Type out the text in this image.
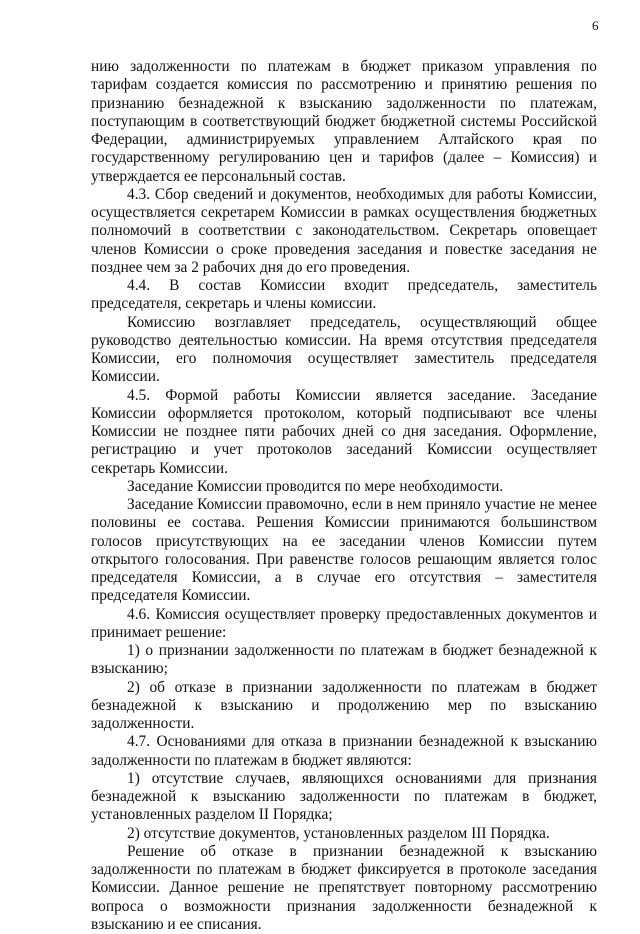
6

нию задолженности по платежам в бюджет приказом управления по тарифам создается комиссия по рассмотрению и принятию решения по признанию безнадежной к взысканию задолженности по платежам, поступающим в соответствующий бюджет бюджетной системы Российской Федерации, администрируемых управлением Алтайского края по государственному регулированию цен и тарифов (далее – Комиссия) и утверждается ее персональный состав.

4.3. Сбор сведений и документов, необходимых для работы Комиссии, осуществляется секретарем Комиссии в рамках осуществления бюджетных полномочий в соответствии с законодательством. Секретарь оповещает членов Комиссии о сроке проведения заседания и повестке заседания не позднее чем за 2 рабочих дня до его проведения.

4.4. В состав Комиссии входит председатель, заместитель председателя, секретарь и члены комиссии.

Комиссию возглавляет председатель, осуществляющий общее руководство деятельностью комиссии. На время отсутствия председателя Комиссии, его полномочия осуществляет заместитель председателя Комиссии.

4.5. Формой работы Комиссии является заседание. Заседание Комиссии оформляется протоколом, который подписывают все члены Комиссии не позднее пяти рабочих дней со дня заседания. Оформление, регистрацию и учет протоколов заседаний Комиссии осуществляет секретарь Комиссии.

Заседание Комиссии проводится по мере необходимости.

Заседание Комиссии правомочно, если в нем приняло участие не менее половины ее состава. Решения Комиссии принимаются большинством голосов присутствующих на ее заседании членов Комиссии путем открытого голосования. При равенстве голосов решающим является голос председателя Комиссии, а в случае его отсутствия – заместителя председателя Комиссии.

4.6. Комиссия осуществляет проверку предоставленных документов и принимает решение:

1) о признании задолженности по платежам в бюджет безнадежной к взысканию;

2) об отказе в признании задолженности по платежам в бюджет безнадежной к взысканию и продолжению мер по взысканию задолженности.

4.7. Основаниями для отказа в признании безнадежной к взысканию задолженности по платежам в бюджет являются:

1) отсутствие случаев, являющихся основаниями для признания безнадежной к взысканию задолженности по платежам в бюджет, установленных разделом II Порядка;

2) отсутствие документов, установленных разделом III Порядка.

Решение об отказе в признании безнадежной к взысканию задолженности по платежам в бюджет фиксируется в протоколе заседания Комиссии. Данное решение не препятствует повторному рассмотрению вопроса о возможности признания задолженности безнадежной к взысканию и ее списания.
